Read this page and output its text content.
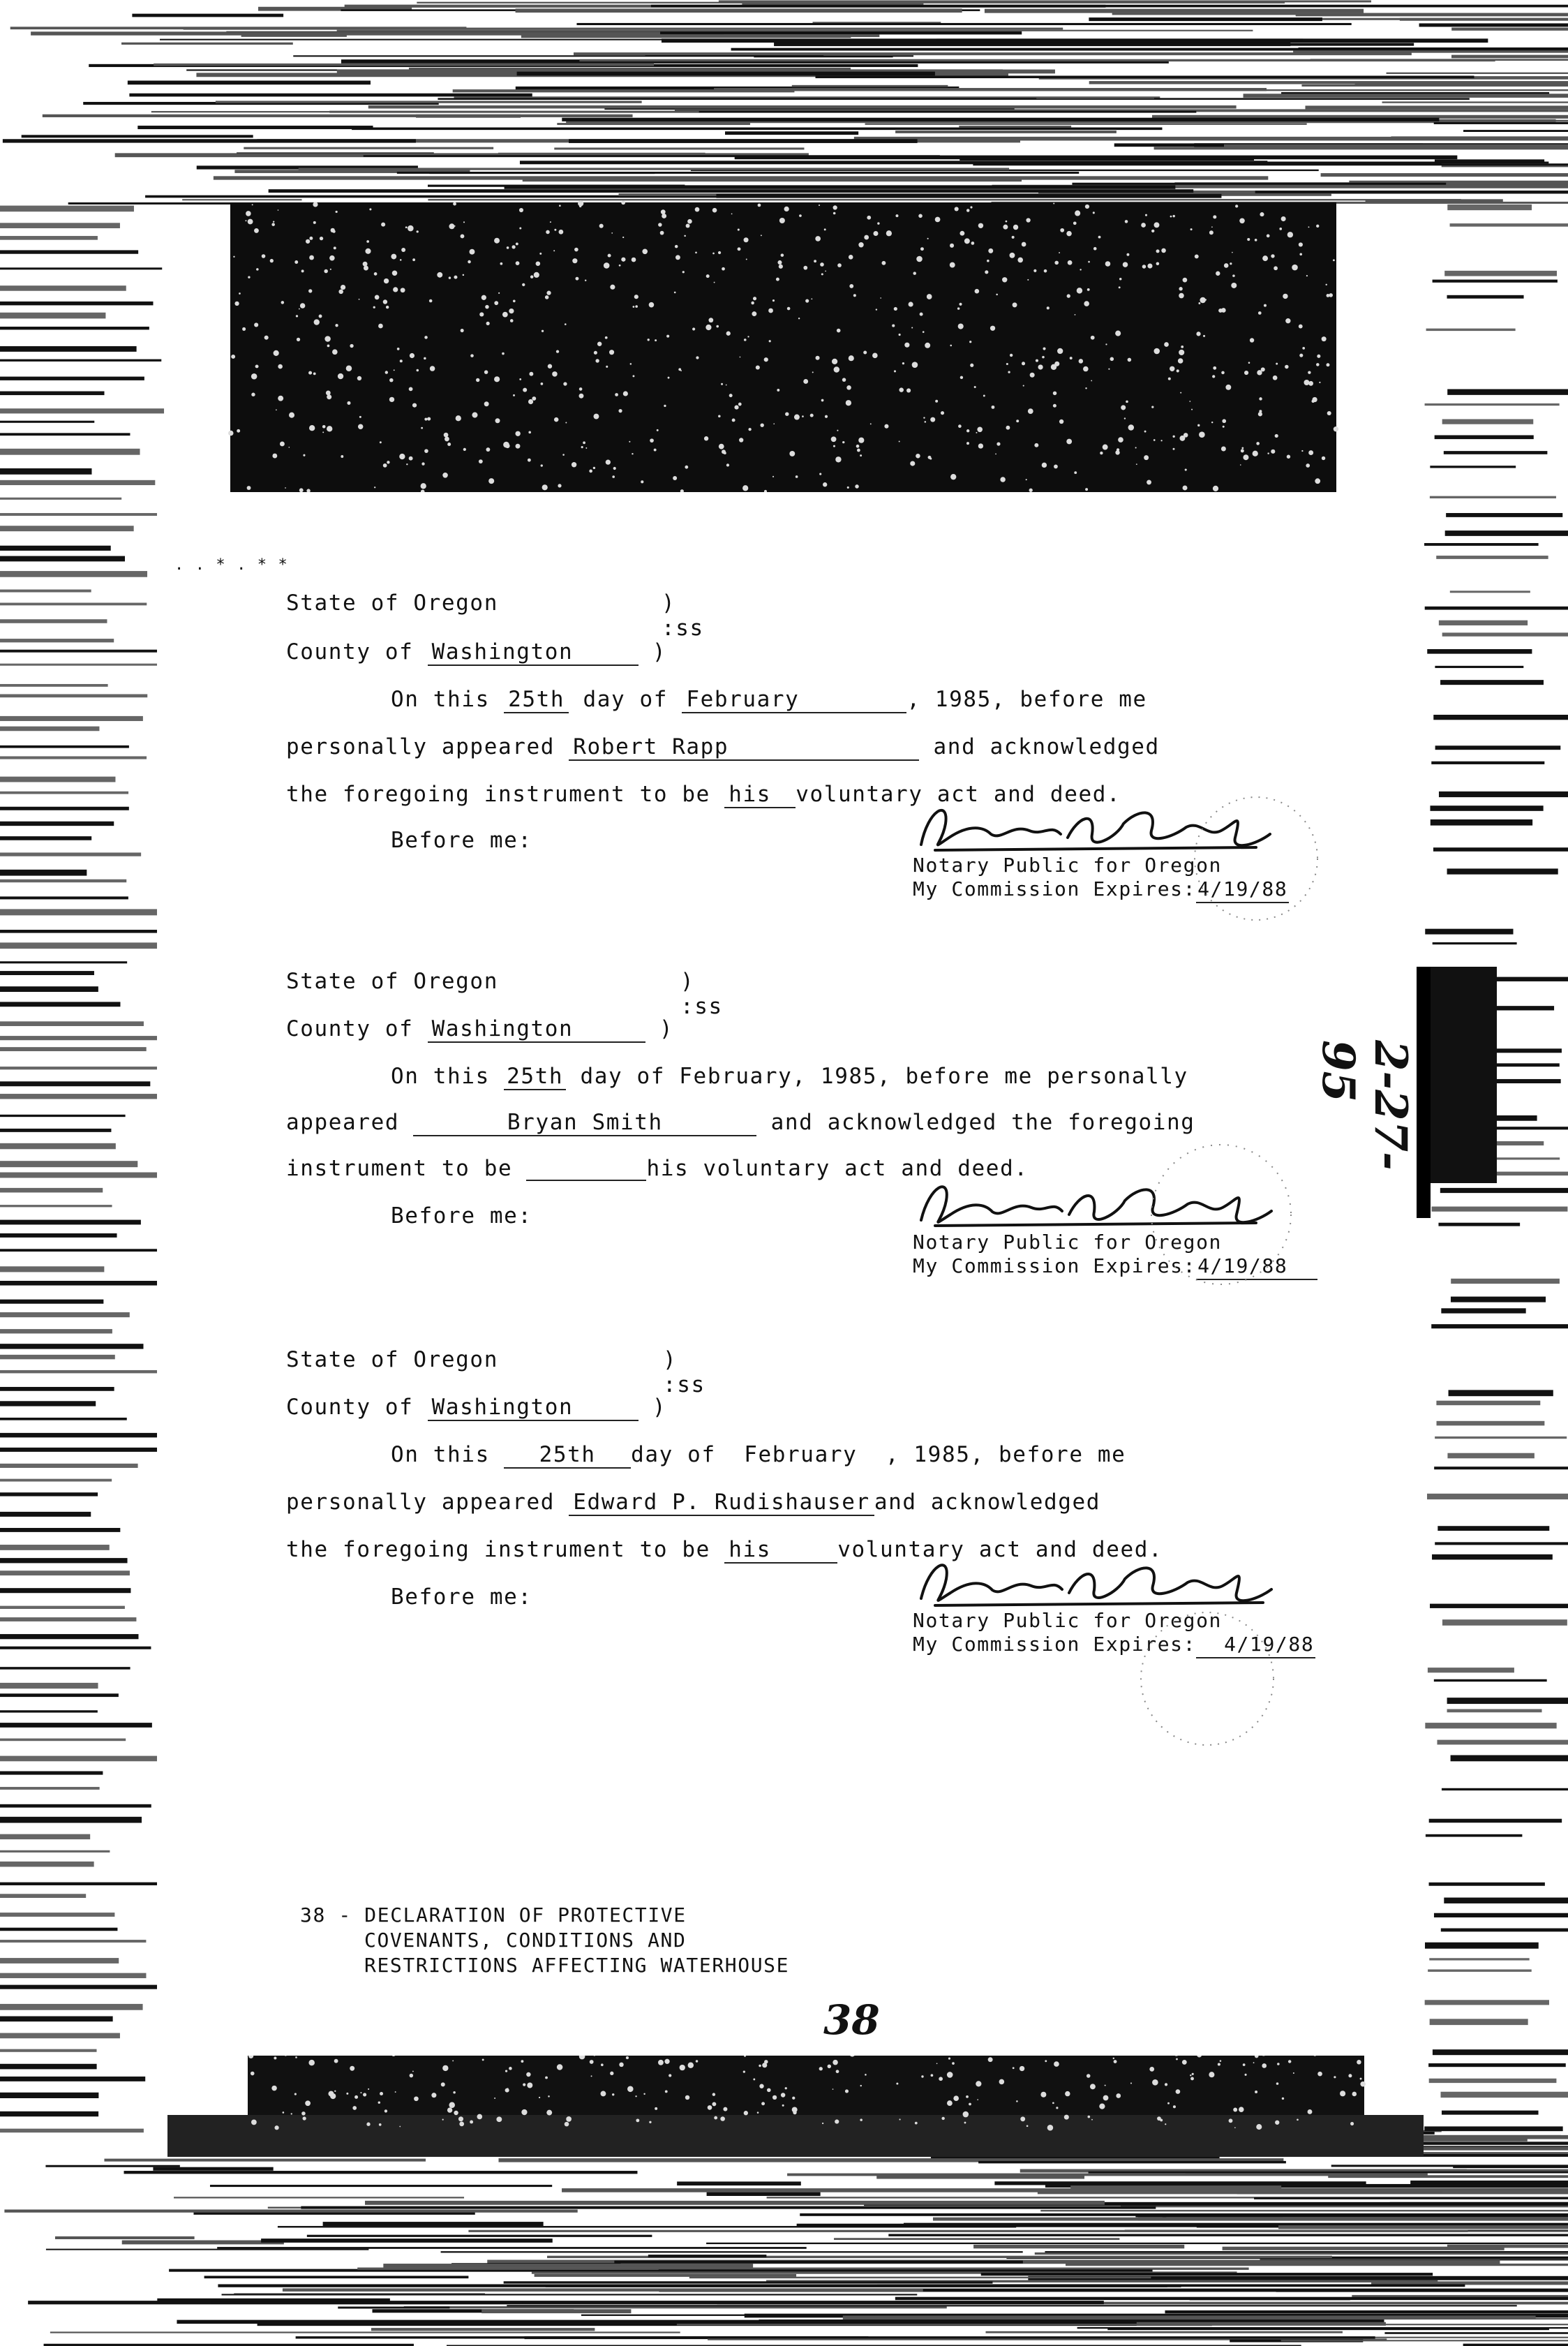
. . * . * *
State of Oregon	)
:ss
County of Washington	)
On this 25th day of February	, 1985, before me
personally appeared Robert Rapp	and acknowledged
the foregoing instrument to be his voluntary act and deed.
Before me:
Notary Public for Oregon
My Commission Expires:4/19/88
State of Oregon	)
:ss
County of Washington	)
On this 25th day of February, 1985, before me personally
appeared	Bryan Smith	and acknowledged the foregoing
instrument to be	his voluntary act and deed.
Before me:
Notary Public for Oregon
My Commission Expires:4/19/88
State of Oregon	)
:ss
County of Washington	)
On this 25th day of February , 1985, before me
personally appeared Edward P. Rudishauser and acknowledged
the foregoing instrument to be his	voluntary act and deed.
Before me:
Notary Public for Oregon
My Commission Expires: 4/19/88
2-27-95
38 - DECLARATION OF PROTECTIVE
COVENANTS, CONDITIONS AND
RESTRICTIONS AFFECTING WATERHOUSE
38
